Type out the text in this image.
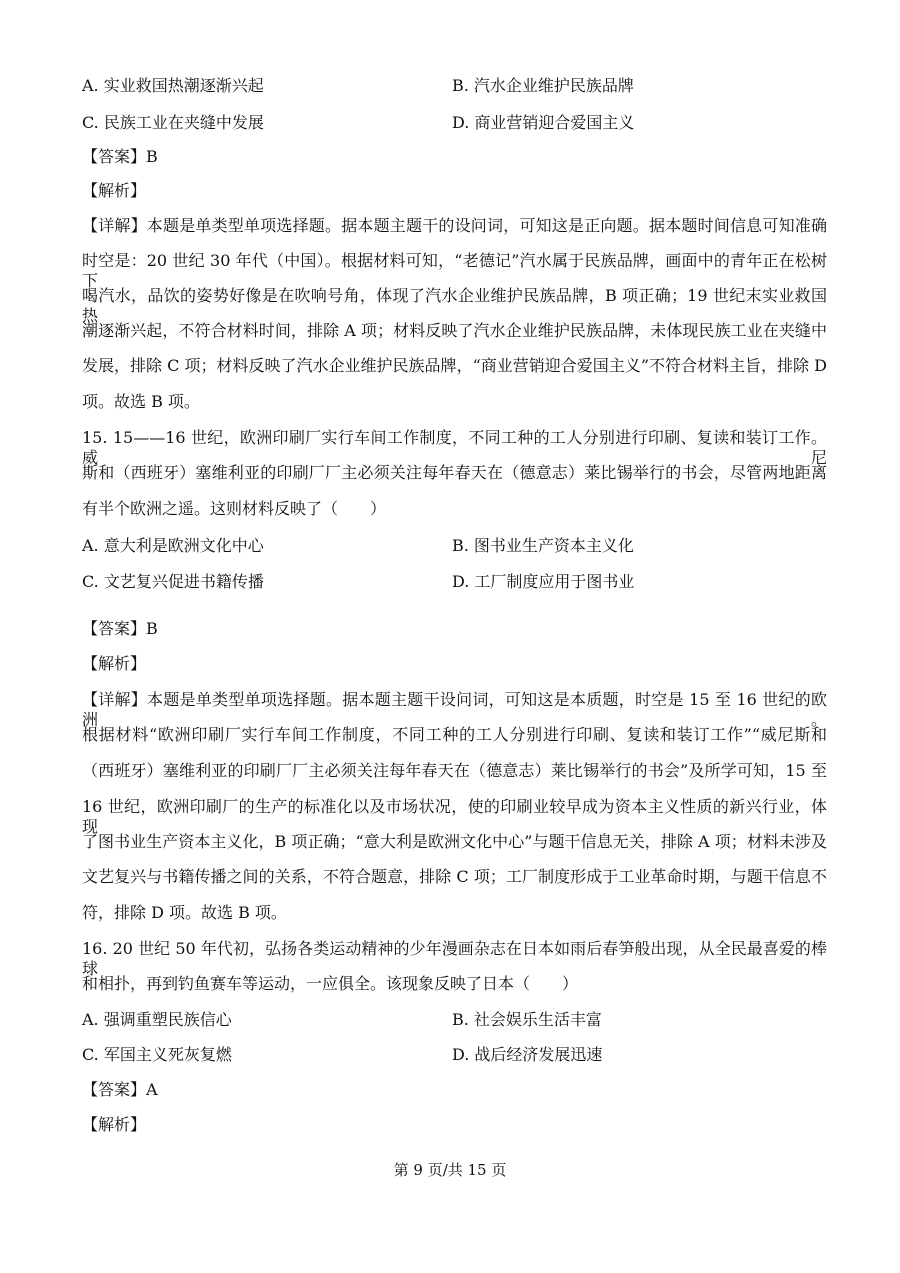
A. 实业救国热潮逐渐兴起	B. 汽水企业维护民族品牌
C. 民族工业在夹缝中发展	D. 商业营销迎合爱国主义
【答案】B
【解析】
【详解】本题是单类型单项选择题。据本题主题干的设问词，可知这是正向题。据本题时间信息可知准确
时空是：20 世纪 30 年代（中国）。根据材料可知，“老德记”汽水属于民族品牌，画面中的青年正在松树下
喝汽水，品饮的姿势好像是在吹响号角，体现了汽水企业维护民族品牌，B 项正确；19 世纪末实业救国热
潮逐渐兴起，不符合材料时间，排除 A 项；材料反映了汽水企业维护民族品牌，未体现民族工业在夹缝中
发展，排除 C 项；材料反映了汽水企业维护民族品牌，“商业营销迎合爱国主义”不符合材料主旨，排除 D
项。故选 B 项。
15. 15——16 世纪，欧洲印刷厂实行车间工作制度，不同工种的工人分别进行印刷、复读和装订工作。威尼
斯和（西班牙）塞维利亚的印刷厂厂主必须关注每年春天在（德意志）莱比锡举行的书会，尽管两地距离
有半个欧洲之遥。这则材料反映了（　　）
A. 意大利是欧洲文化中心	B. 图书业生产资本主义化
C. 文艺复兴促进书籍传播	D. 工厂制度应用于图书业
【答案】B
【解析】
【详解】本题是单类型单项选择题。据本题主题干设问词，可知这是本质题，时空是 15 至 16 世纪的欧洲。
根据材料“欧洲印刷厂实行车间工作制度，不同工种的工人分别进行印刷、复读和装订工作”“威尼斯和
（西班牙）塞维利亚的印刷厂厂主必须关注每年春天在（德意志）莱比锡举行的书会”及所学可知，15 至
16 世纪，欧洲印刷厂的生产的标准化以及市场状况，使的印刷业较早成为资本主义性质的新兴行业，体现
了图书业生产资本主义化，B 项正确；“意大利是欧洲文化中心”与题干信息无关，排除 A 项；材料未涉及
文艺复兴与书籍传播之间的关系，不符合题意，排除 C 项；工厂制度形成于工业革命时期，与题干信息不
符，排除 D 项。故选 B 项。
16. 20 世纪 50 年代初，弘扬各类运动精神的少年漫画杂志在日本如雨后春笋般出现，从全民最喜爱的棒球
和相扑，再到钓鱼赛车等运动，一应俱全。该现象反映了日本（　　）
A. 强调重塑民族信心	B. 社会娱乐生活丰富
C. 军国主义死灰复燃	D. 战后经济发展迅速
【答案】A
【解析】
第 9 页/共 15 页
